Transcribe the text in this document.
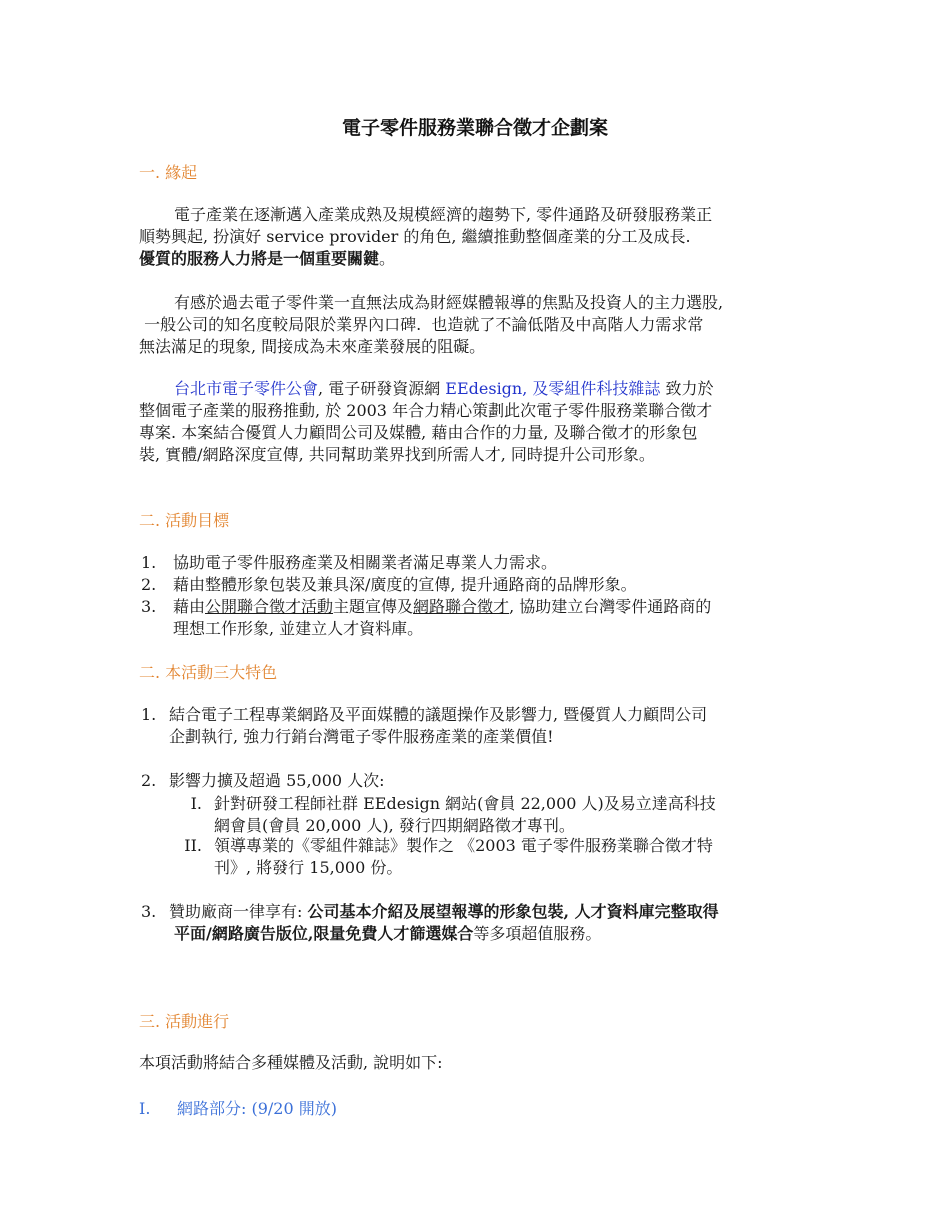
電子零件服務業聯合徵才企劃案
一. 緣起
電子產業在逐漸邁入產業成熟及規模經濟的趨勢下, 零件通路及研發服務業正
順勢興起, 扮演好 service provider 的角色, 繼續推動整個產業的分工及成長.
優質的服務人力將是一個重要關鍵。
有感於過去電子零件業一直無法成為財經媒體報導的焦點及投資人的主力選股,
一般公司的知名度較局限於業界內口碑.  也造就了不論低階及中高階人力需求常
無法滿足的現象, 間接成為未來產業發展的阻礙。
台北市電子零件公會, 電子研發資源網 EEdesign, 及零組件科技雜誌 致力於
整個電子產業的服務推動, 於 2003 年合力精心策劃此次電子零件服務業聯合徵才
專案. 本案結合優質人力顧問公司及媒體, 藉由合作的力量, 及聯合徵才的形象包
裝, 實體/網路深度宣傳, 共同幫助業界找到所需人才, 同時提升公司形象。
二. 活動目標
1. 協助電子零件服務產業及相關業者滿足專業人力需求。
2. 藉由整體形象包裝及兼具深/廣度的宣傳, 提升通路商的品牌形象。
3. 藉由公開聯合徵才活動主題宣傳及網路聯合徵才, 協助建立台灣零件通路商的
理想工作形象, 並建立人才資料庫。
二. 本活動三大特色
1. 結合電子工程專業網路及平面媒體的議題操作及影響力, 暨優質人力顧問公司
企劃執行, 強力行銷台灣電子零件服務產業的產業價值!
2. 影響力擴及超過 55,000 人次:
I. 針對研發工程師社群 EEdesign 網站(會員 22,000 人)及易立達高科技
網會員(會員 20,000 人), 發行四期網路徵才專刊。
II. 領導專業的《零組件雜誌》製作之 《2003 電子零件服務業聯合徵才特
刊》, 將發行 15,000 份。
3. 贊助廠商一律享有: 公司基本介紹及展望報導的形象包裝, 人才資料庫完整取得
平面/網路廣告版位,限量免費人才篩選媒合等多項超值服務。
三. 活動進行
本項活動將結合多種媒體及活動, 說明如下:
I. 網路部分: (9/20 開放)
